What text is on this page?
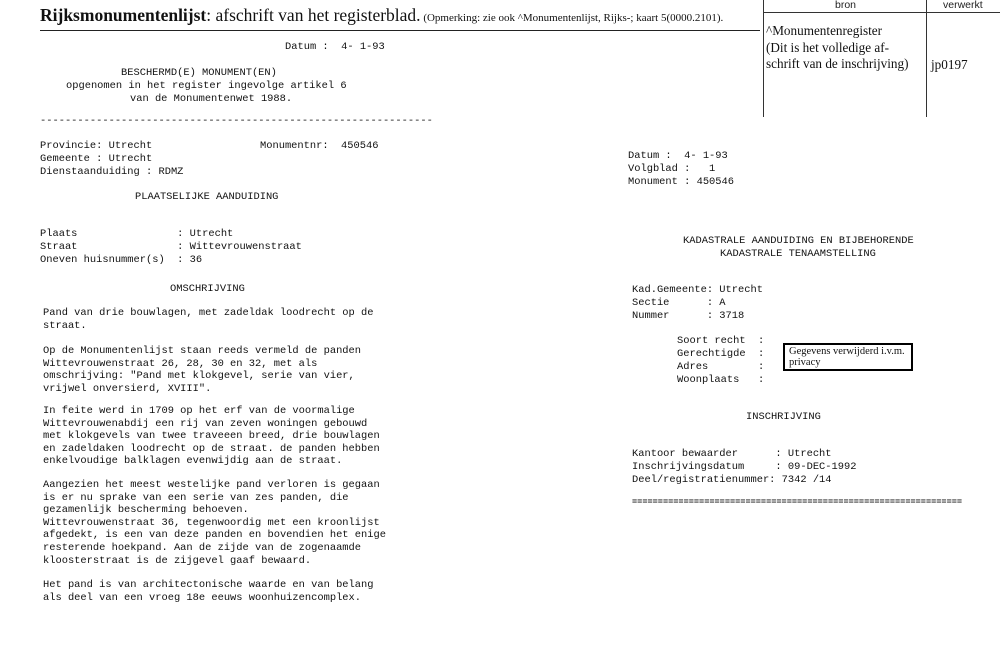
Rijksmonumentenlijst: afschrift van het registerblad. (Opmerking: zie ook ^Monumentenlijst, Rijks-; kaart 5(0000.2101).
bron	verwerkt
^Monumentenregister
(Dit is het volledige af-
schrift van de inschrijving) jp0197
Datum :  4- 1-93
BESCHERMD(E) MONUMENT(EN)
opgenomen in het register ingevolge artikel 6
van de Monumentenwet 1988.
---------------------------------------------------------------
Provincie: Utrecht	Monumentnr:  450546
Gemeente : Utrecht
Dienstaanduiding : RDMZ
PLAATSELIJKE AANDUIDING
Plaats                : Utrecht
Straat                : Wittevrouwenstraat
Oneven huisnummer(s)  : 36
OMSCHRIJVING
Pand van drie bouwlagen, met zadeldak loodrecht op de
straat.
Op de Monumentenlijst staan reeds vermeld de panden
Wittevrouwenstraat 26, 28, 30 en 32, met als
omschrijving: "Pand met klokgevel, serie van vier,
vrijwel onversierd, XVIII".
In feite werd in 1709 op het erf van de voormalige
Wittevrouwenabdij een rij van zeven woningen gebouwd
met klokgevels van twee traveeen breed, drie bouwlagen
en zadeldaken loodrecht op de straat. de panden hebben
enkelvoudige balklagen evenwijdig aan de straat.
Aangezien het meest westelijke pand verloren is gegaan
is er nu sprake van een serie van zes panden, die
gezamenlijk bescherming behoeven.
Wittevrouwenstraat 36, tegenwoordig met een kroonlijst
afgedekt, is een van deze panden en bovendien het enige
resterende hoekpand. Aan de zijde van de zogenaamde
kloosterstraat is de zijgevel gaaf bewaard.
Het pand is van architectonische waarde en van belang
als deel van een vroeg 18e eeuws woonhuizencomplex.
Datum :  4- 1-93
Volgblad :   1
Monument : 450546
KADASTRALE AANDUIDING EN BIJBEHORENDE
KADASTRALE TENAAMSTELLING
Kad.Gemeente: Utrecht
Sectie      : A
Nummer      : 3718
Soort recht  :
Gerechtigde  :
Adres        :
Woonplaats   :
Gegevens verwijderd i.v.m.
privacy
INSCHRIJVING
Kantoor bewaarder      : Utrecht
Inschrijvingsdatum     : 09-DEC-1992
Deel/registratienummer: 7342 /14
================================================================
